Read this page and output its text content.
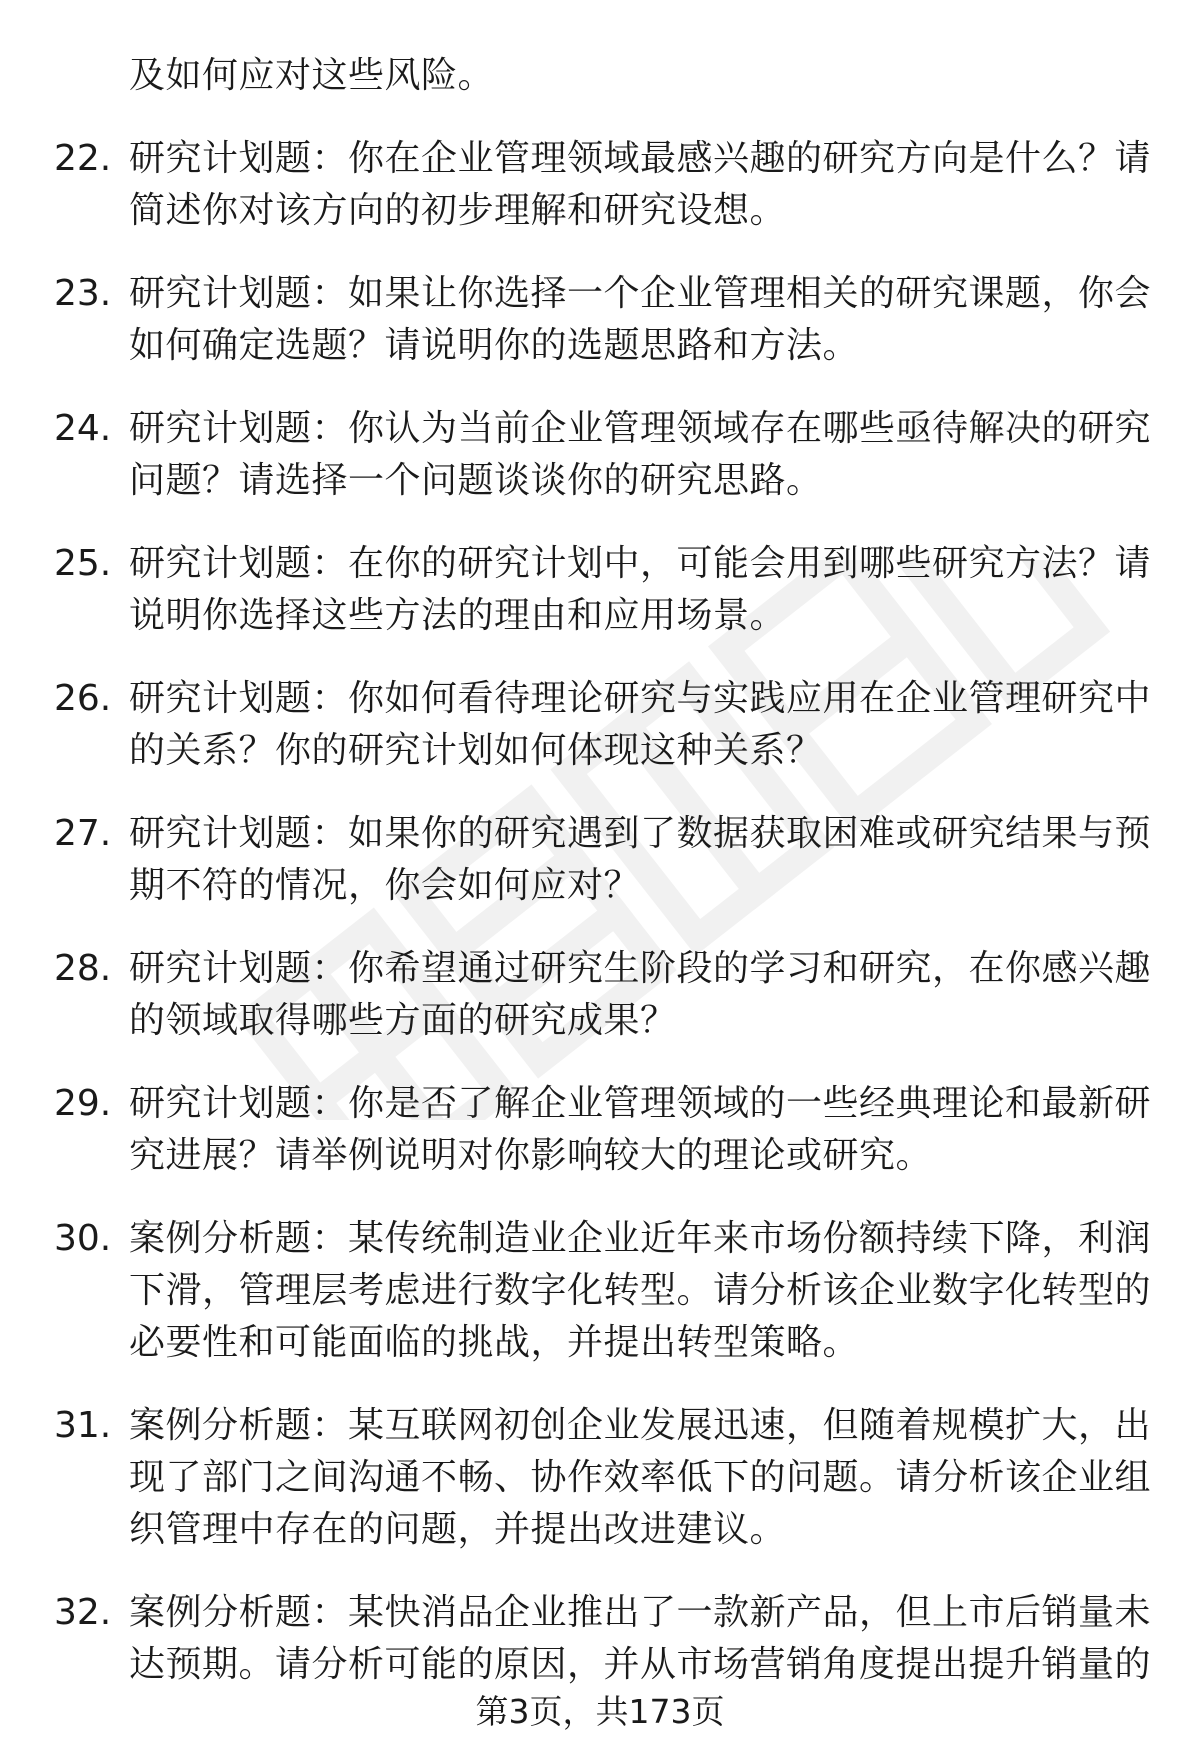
及如何应对这些风险。

22. 研究计划题：你在企业管理领域最感兴趣的研究方向是什么？请简述你对该方向的初步理解和研究设想。
23. 研究计划题：如果让你选择一个企业管理相关的研究课题，你会如何确定选题？请说明你的选题思路和方法。
24. 研究计划题：你认为当前企业管理领域存在哪些亟待解决的研究问题？请选择一个问题谈谈你的研究思路。
25. 研究计划题：在你的研究计划中，可能会用到哪些研究方法？请说明你选择这些方法的理由和应用场景。
26. 研究计划题：你如何看待理论研究与实践应用在企业管理研究中的关系？你的研究计划如何体现这种关系？
27. 研究计划题：如果你的研究遇到了数据获取困难或研究结果与预期不符的情况，你会如何应对？
28. 研究计划题：你希望通过研究生阶段的学习和研究，在你感兴趣的领域取得哪些方面的研究成果？
29. 研究计划题：你是否了解企业管理领域的一些经典理论和最新研究进展？请举例说明对你影响较大的理论或研究。
30. 案例分析题：某传统制造业企业近年来市场份额持续下降，利润下滑，管理层考虑进行数字化转型。请分析该企业数字化转型的必要性和可能面临的挑战，并提出转型策略。
31. 案例分析题：某互联网初创企业发展迅速，但随着规模扩大，出现了部门之间沟通不畅、协作效率低下的问题。请分析该企业组织管理中存在的问题，并提出改进建议。
32. 案例分析题：某快消品企业推出了一款新产品，但上市后销量未达预期。请分析可能的原因，并从市场营销角度提出提升销量的
第3页，共173页
